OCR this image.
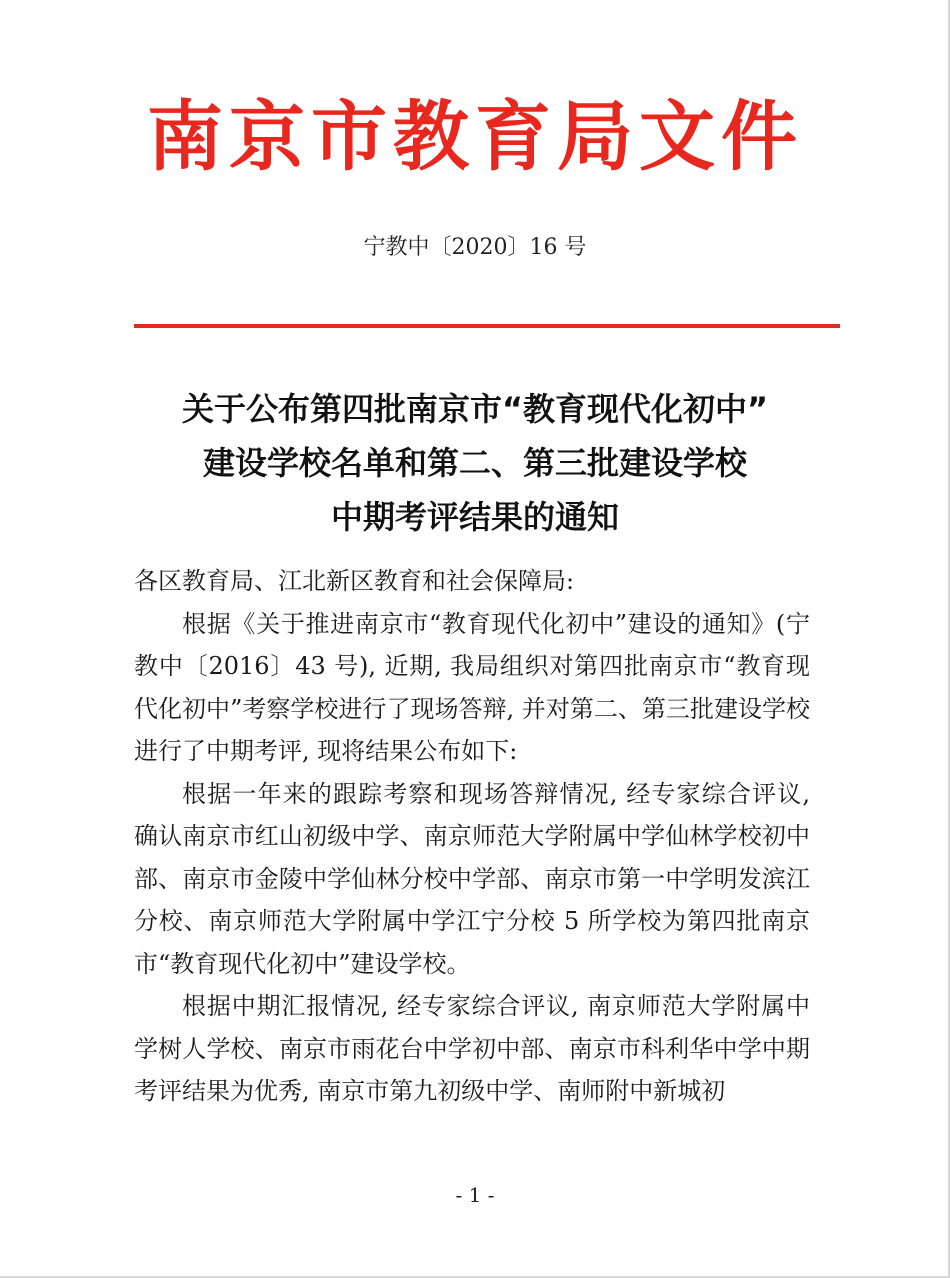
南京市教育局文件
宁教中〔2020〕16 号
关于公布第四批南京市“教育现代化初中”
建设学校名单和第二、第三批建设学校
中期考评结果的通知

各区教育局、江北新区教育和社会保障局:

根据《关于推进南京市“教育现代化初中”建设的通知》(宁教中〔2016〕43 号), 近期, 我局组织对第四批南京市“教育现代化初中”考察学校进行了现场答辩, 并对第二、第三批建设学校进行了中期考评, 现将结果公布如下:

根据一年来的跟踪考察和现场答辩情况, 经专家综合评议, 确认南京市红山初级中学、南京师范大学附属中学仙林学校初中部、南京市金陵中学仙林分校中学部、南京市第一中学明发滨江分校、南京师范大学附属中学江宁分校 5 所学校为第四批南京市“教育现代化初中”建设学校。

根据中期汇报情况, 经专家综合评议, 南京师范大学附属中学树人学校、南京市雨花台中学初中部、南京市科利华中学中期考评结果为优秀, 南京市第九初级中学、南师附中新城初

- 1 -
